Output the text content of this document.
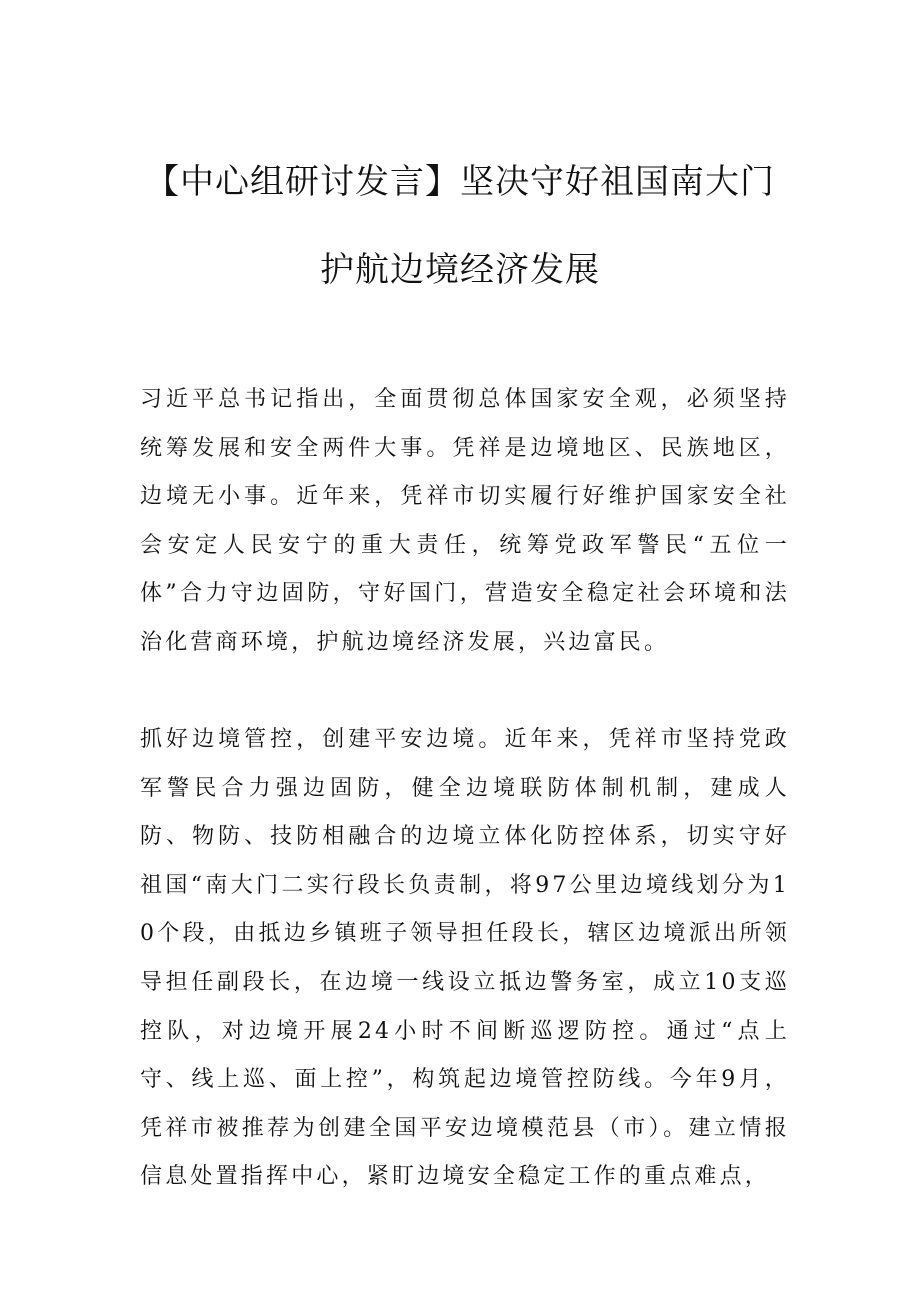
【中心组研讨发言】坚决守好祖国南大门
护航边境经济发展

习近平总书记指出，全面贯彻总体国家安全观，必须坚持统筹发展和安全两件大事。凭祥是边境地区、民族地区，边境无小事。近年来，凭祥市切实履行好维护国家安全社会安定人民安宁的重大责任，统筹党政军警民“五位一体”合力守边固防，守好国门，营造安全稳定社会环境和法治化营商环境，护航边境经济发展，兴边富民。

抓好边境管控，创建平安边境。近年来，凭祥市坚持党政军警民合力强边固防，健全边境联防体制机制，建成人防、物防、技防相融合的边境立体化防控体系，切实守好祖国“南大门二实行段长负责制，将97公里边境线划分为10个段，由抵边乡镇班子领导担任段长，辖区边境派出所领导担任副段长，在边境一线设立抵边警务室，成立10支巡控队，对边境开展24小时不间断巡逻防控。通过“点上守、线上巡、面上控”，构筑起边境管控防线。今年9月，凭祥市被推荐为创建全国平安边境模范县（市）。建立情报信息处置指挥中心，紧盯边境安全稳定工作的重点难点，
